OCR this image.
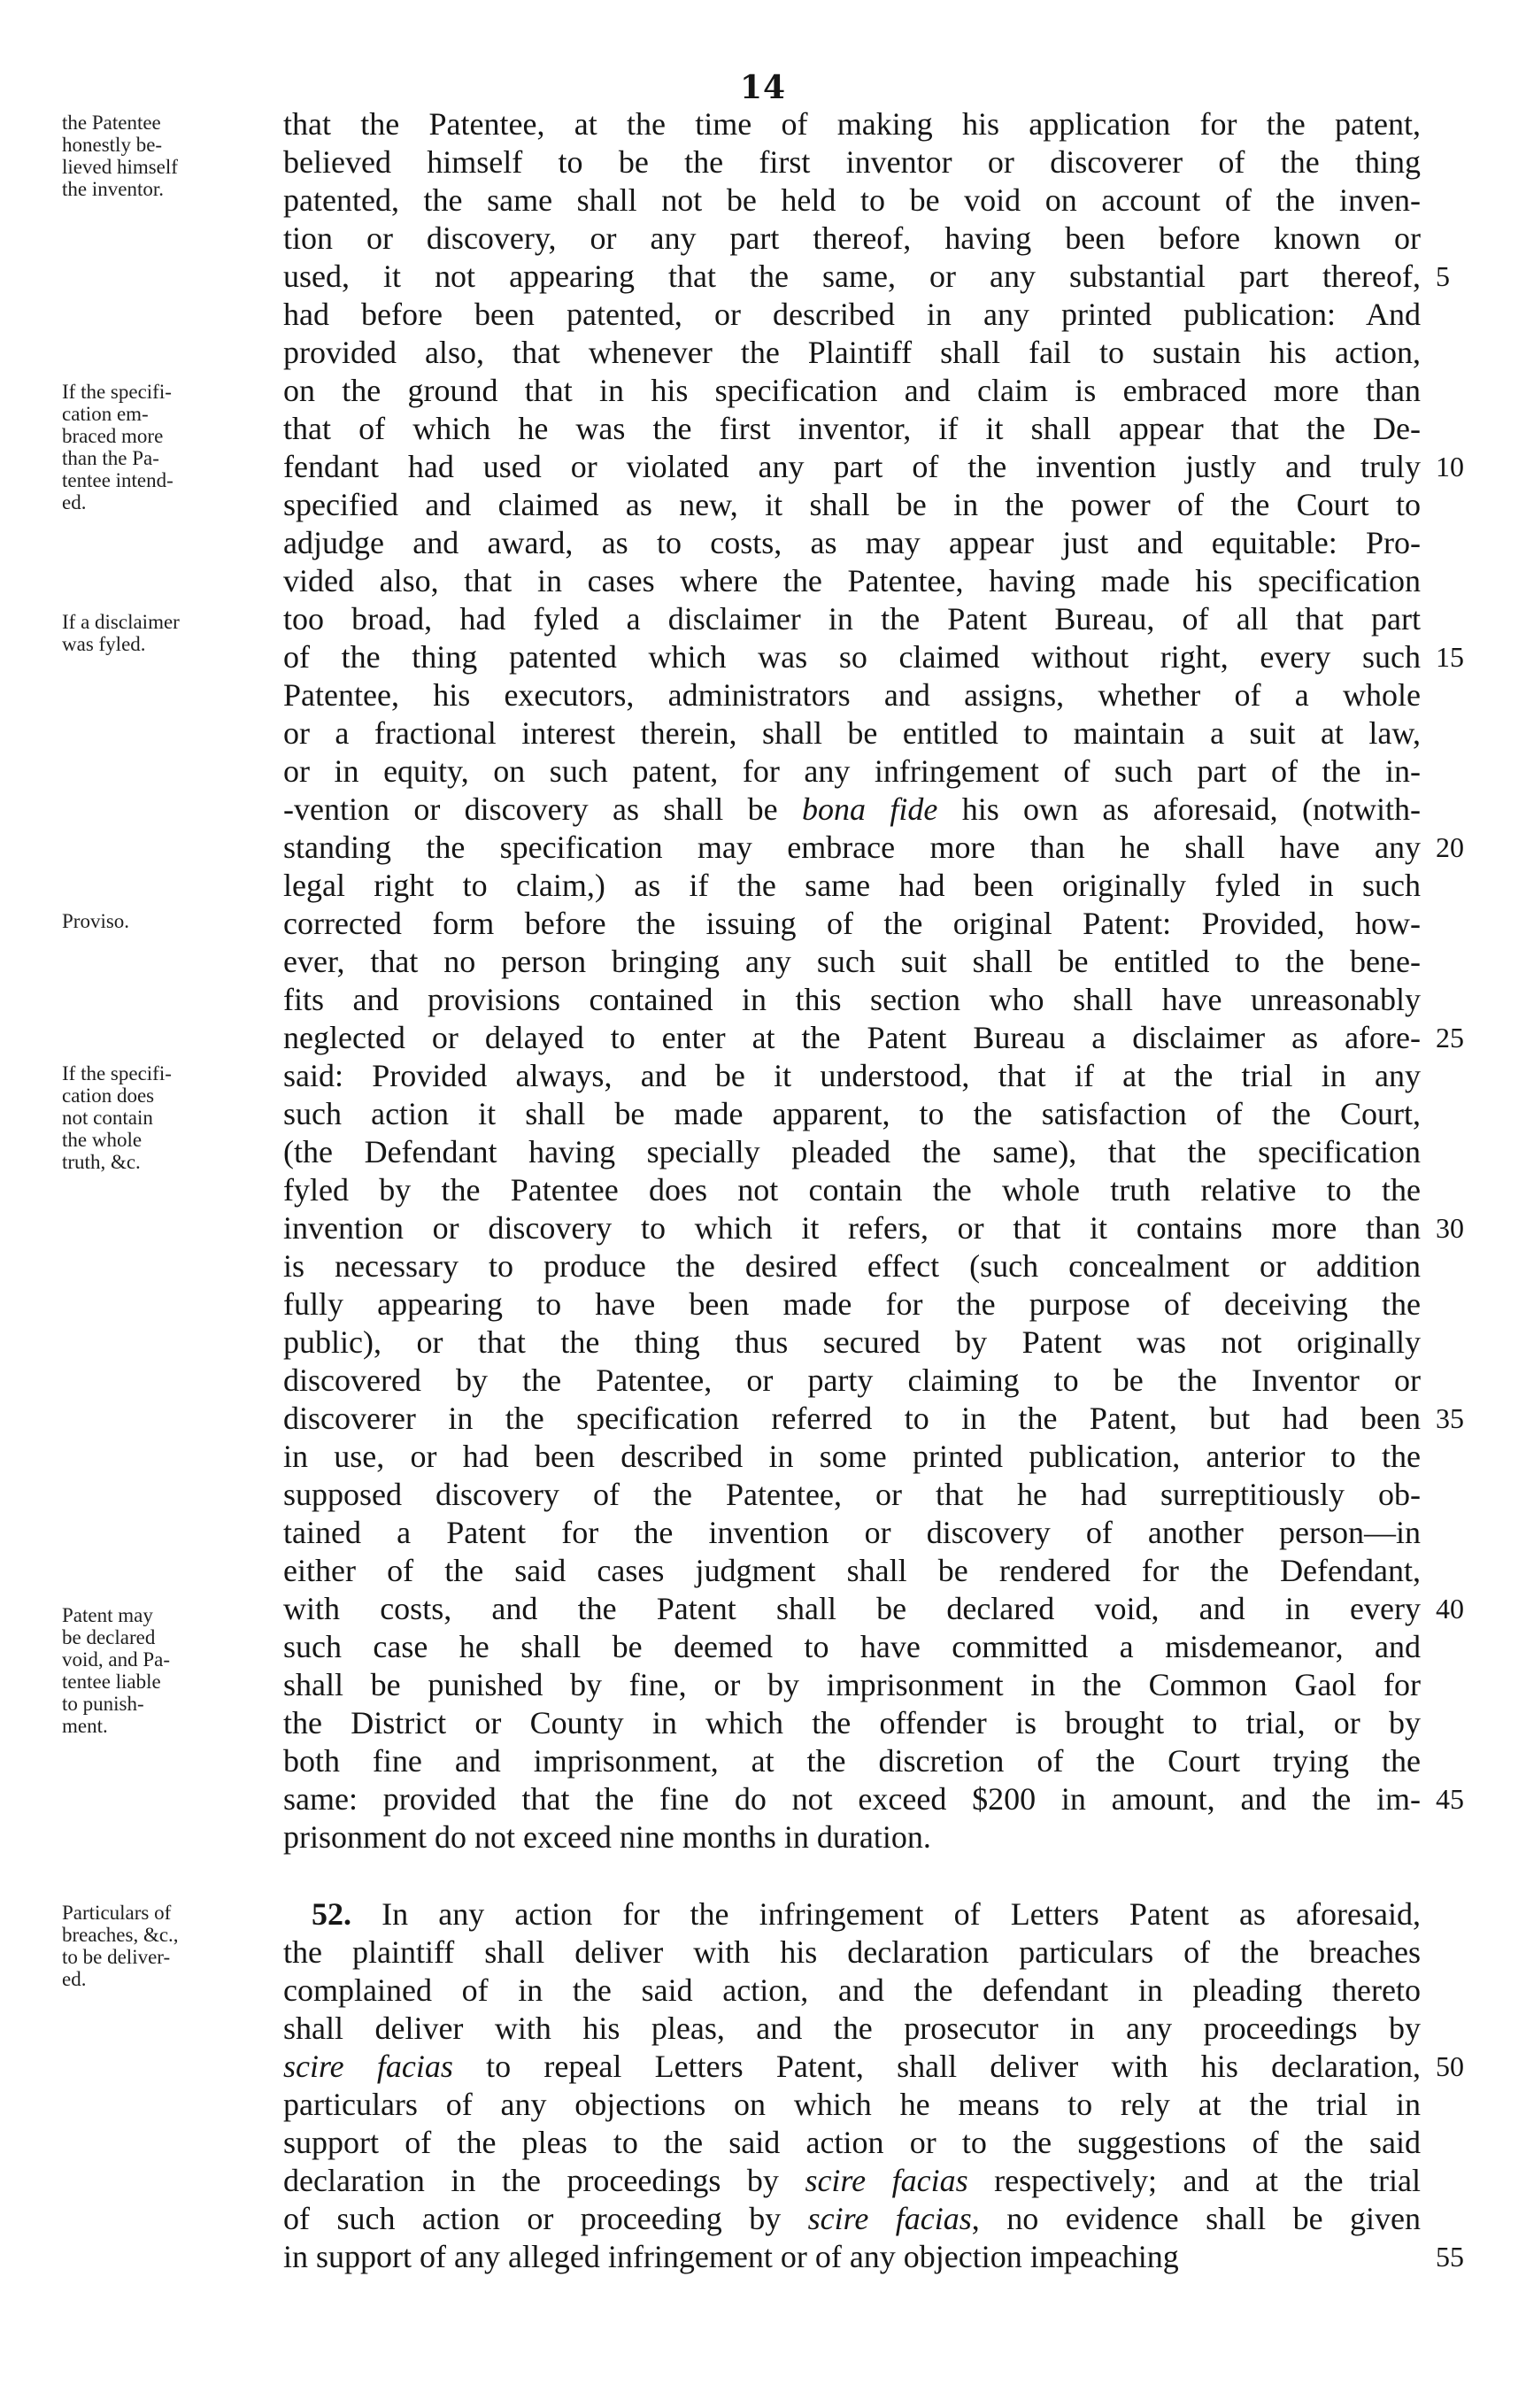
14
that the Patentee, at the time of making his application for the patent,
believed himself to be the first inventor or discoverer of the thing
patented, the same shall not be held to be void on account of the inven-
tion or discovery, or any part thereof, having been before known or
used, it not appearing that the same, or any substantial part thereof,
had before been patented, or described in any printed publication: And
provided also, that whenever the Plaintiff shall fail to sustain his action,
on the ground that in his specification and claim is embraced more than
that of which he was the first inventor, if it shall appear that the De-
fendant had used or violated any part of the invention justly and truly
specified and claimed as new, it shall be in the power of the Court to
adjudge and award, as to costs, as may appear just and equitable: Pro-
vided also, that in cases where the Patentee, having made his specification
too broad, had fyled a disclaimer in the Patent Bureau, of all that part
of the thing patented which was so claimed without right, every such
Patentee, his executors, administrators and assigns, whether of a whole
or a fractional interest therein, shall be entitled to maintain a suit at law,
or in equity, on such patent, for any infringement of such part of the in-
-vention or discovery as shall be bona fide his own as aforesaid, (notwith-
standing the specification may embrace more than he shall have any
legal right to claim,) as if the same had been originally fyled in such
corrected form before the issuing of the original Patent: Provided, how-
ever, that no person bringing any such suit shall be entitled to the bene-
fits and provisions contained in this section who shall have unreasonably
neglected or delayed to enter at the Patent Bureau a disclaimer as afore-
said: Provided always, and be it understood, that if at the trial in any
such action it shall be made apparent, to the satisfaction of the Court,
(the Defendant having specially pleaded the same), that the specification
fyled by the Patentee does not contain the whole truth relative to the
invention or discovery to which it refers, or that it contains more than
is necessary to produce the desired effect (such concealment or addition
fully appearing to have been made for the purpose of deceiving the
public), or that the thing thus secured by Patent was not originally
discovered by the Patentee, or party claiming to be the Inventor or
discoverer in the specification referred to in the Patent, but had been
in use, or had been described in some printed publication, anterior to the
supposed discovery of the Patentee, or that he had surreptitiously ob-
tained a Patent for the invention or discovery of another person—in
either of the said cases judgment shall be rendered for the Defendant,
with costs, and the Patent shall be declared void, and in every
such case he shall be deemed to have committed a misdemeanor, and
shall be punished by fine, or by imprisonment in the Common Gaol for
the District or County in which the offender is brought to trial, or by
both fine and imprisonment, at the discretion of the Court trying the
same: provided that the fine do not exceed $200 in amount, and the im-
prisonment do not exceed nine months in duration.
52. In any action for the infringement of Letters Patent as aforesaid,
the plaintiff shall deliver with his declaration particulars of the breaches
complained of in the said action, and the defendant in pleading thereto
shall deliver with his pleas, and the prosecutor in any proceedings by
scire facias to repeal Letters Patent, shall deliver with his declaration,
particulars of any objections on which he means to rely at the trial in
support of the pleas to the said action or to the suggestions of the said
declaration in the proceedings by scire facias respectively; and at the trial
of such action or proceeding by scire facias, no evidence shall be given
in support of any alleged infringement or of any objection impeaching
5
10
15
20
25
30
35
40
45
50
55
the Patentee
honestly be-
lieved himself
the inventor.
If the specifi-
cation em-
braced more
than the Pa-
tentee intend-
ed.
If a disclaimer
was fyled.
Proviso.
If the specifi-
cation does
not contain
the whole
truth, &c.
Patent may
be declared
void, and Pa-
tentee liable
to punish-
ment.
Particulars of
breaches, &c.,
to be deliver-
ed.
